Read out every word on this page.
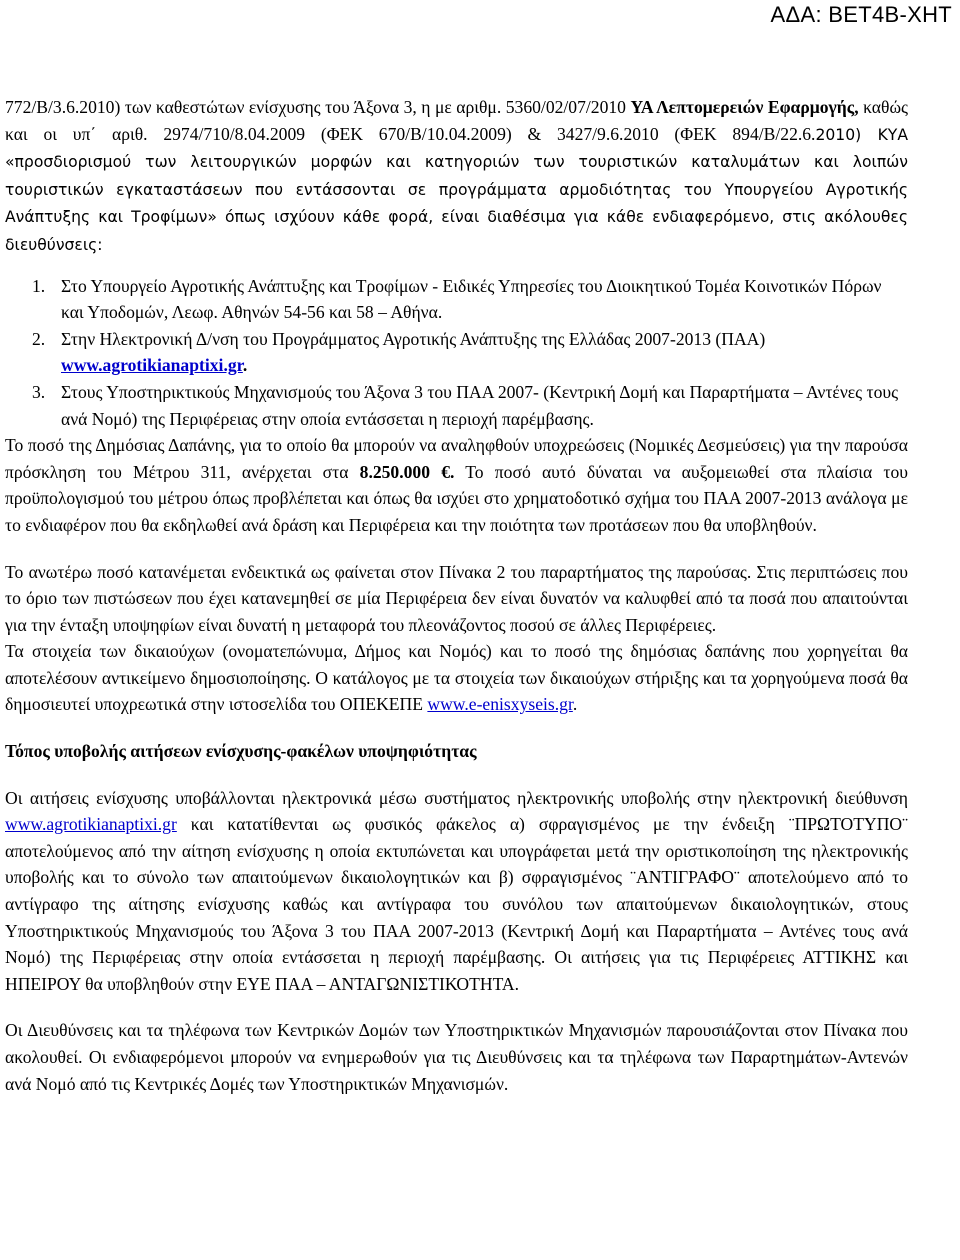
ΑΔΑ: ΒΕΤ4Β-ΧΗΤ

772/Β/3.6.2010) των καθεστώτων ενίσχυσης του Άξονα 3, η με αριθμ. 5360/02/07/2010 ΥΑ Λεπτομερειών Εφαρμογής, καθώς και οι υπ΄ αριθ. 2974/710/8.04.2009 (ΦΕΚ 670/Β/10.04.2009) & 3427/9.6.2010 (ΦΕΚ 894/Β/22.6.2010) ΚΥΑ «προσδιορισμού των λειτουργικών μορφών και κατηγοριών των τουριστικών καταλυμάτων και λοιπών τουριστικών εγκαταστάσεων που εντάσσονται σε προγράμματα αρμοδιότητας του Υπουργείου Αγροτικής Ανάπτυξης και Τροφίμων» όπως ισχύουν κάθε φορά, είναι διαθέσιμα για κάθε ενδιαφερόμενο, στις ακόλουθες διευθύνσεις:

1. Στο Υπουργείο Αγροτικής Ανάπτυξης και Τροφίμων - Ειδικές Υπηρεσίες του Διοικητικού Τομέα Κοινοτικών Πόρων και Υποδομών, Λεωφ. Αθηνών 54-56 και 58 – Αθήνα.
2. Στην Ηλεκτρονική Δ/νση του Προγράμματος Αγροτικής Ανάπτυξης της Ελλάδας 2007-2013 (ΠΑΑ) www.agrotikianaptixi.gr.
3. Στους Υποστηρικτικούς Μηχανισμούς του Άξονα 3 του ΠΑΑ 2007- (Κεντρική Δομή και Παραρτήματα – Αντένες τους ανά Νομό) της Περιφέρειας στην οποία εντάσσεται η περιοχή παρέμβασης.

Το ποσό της Δημόσιας Δαπάνης, για το οποίο θα μπορούν να αναληφθούν υποχρεώσεις (Νομικές Δεσμεύσεις) για την παρούσα πρόσκληση του Μέτρου 311, ανέρχεται στα 8.250.000 €. Το ποσό αυτό δύναται να αυξομειωθεί στα πλαίσια του προϋπολογισμού του μέτρου όπως προβλέπεται και όπως θα ισχύει στο χρηματοδοτικό σχήμα του ΠΑΑ 2007-2013 ανάλογα με το ενδιαφέρον που θα εκδηλωθεί ανά δράση και Περιφέρεια και την ποιότητα των προτάσεων που θα υποβληθούν.

Το ανωτέρω ποσό κατανέμεται ενδεικτικά ως φαίνεται στον Πίνακα 2 του παραρτήματος της παρούσας. Στις περιπτώσεις που το όριο των πιστώσεων που έχει κατανεμηθεί σε μία Περιφέρεια δεν είναι δυνατόν να καλυφθεί από τα ποσά που απαιτούνται για την ένταξη υποψηφίων είναι δυνατή η μεταφορά του πλεονάζοντος ποσού σε άλλες Περιφέρειες.

Τα στοιχεία των δικαιούχων (ονοματεπώνυμα, Δήμος και Νομός) και το ποσό της δημόσιας δαπάνης που χορηγείται θα αποτελέσουν αντικείμενο δημοσιοποίησης. Ο κατάλογος με τα στοιχεία των δικαιούχων στήριξης και τα χορηγούμενα ποσά θα δημοσιευτεί υποχρεωτικά στην ιστοσελίδα του ΟΠΕΚΕΠΕ www.e-enisxyseis.gr.

Τόπος υποβολής αιτήσεων ενίσχυσης-φακέλων υποψηφιότητας

Οι αιτήσεις ενίσχυσης υποβάλλονται ηλεκτρονικά μέσω συστήματος ηλεκτρονικής υποβολής στην ηλεκτρονική διεύθυνση www.agrotikianaptixi.gr και κατατίθενται ως φυσικός φάκελος α) σφραγισμένος με την ένδειξη ¨ΠΡΩΤΟΤΥΠΟ¨ αποτελούμενος από την αίτηση ενίσχυσης η οποία εκτυπώνεται και υπογράφεται μετά την οριστικοποίηση της ηλεκτρονικής υποβολής και το σύνολο των απαιτούμενων δικαιολογητικών και β) σφραγισμένος ¨ΑΝΤΙΓΡΑΦΟ¨ αποτελούμενο από το αντίγραφο της αίτησης ενίσχυσης καθώς και αντίγραφα του συνόλου των απαιτούμενων δικαιολογητικών, στους Υποστηρικτικούς Μηχανισμούς του Άξονα 3 του ΠΑΑ 2007-2013 (Κεντρική Δομή και Παραρτήματα – Αντένες τους ανά Νομό) της Περιφέρειας στην οποία εντάσσεται η περιοχή παρέμβασης. Οι αιτήσεις για τις Περιφέρειες ΑΤΤΙΚΗΣ και ΗΠΕΙΡΟΥ θα υποβληθούν στην ΕΥΕ ΠΑΑ – ΑΝΤΑΓΩΝΙΣΤΙΚΟΤΗΤΑ.

Οι Διευθύνσεις και τα τηλέφωνα των Κεντρικών Δομών των Υποστηρικτικών Μηχανισμών παρουσιάζονται στον Πίνακα που ακολουθεί. Οι ενδιαφερόμενοι μπορούν να ενημερωθούν για τις Διευθύνσεις και τα τηλέφωνα των Παραρτημάτων-Αντενών ανά Νομό από τις Κεντρικές Δομές των Υποστηρικτικών Μηχανισμών.
